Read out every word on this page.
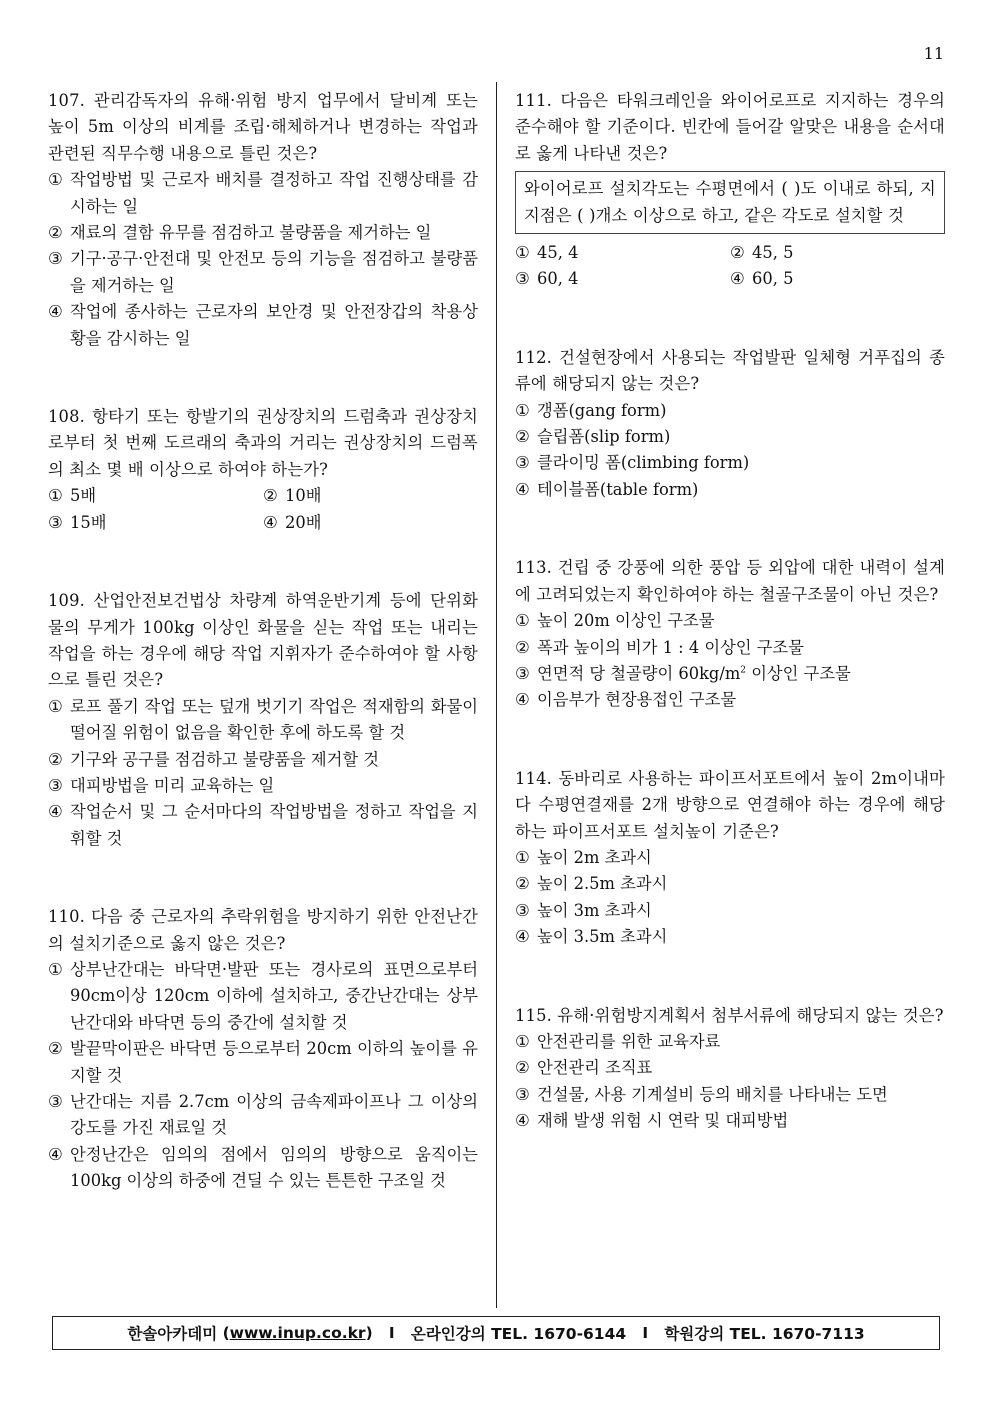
11
107. 관리감독자의 유해·위험 방지 업무에서 달비계 또는 높이 5m 이상의 비계를 조립·해체하거나 변경하는 작업과 관련된 직무수행 내용으로 틀린 것은?
① 작업방법 및 근로자 배치를 결정하고 작업 진행상태를 감시하는 일
② 재료의 결함 유무를 점검하고 불량품을 제거하는 일
③ 기구·공구·안전대 및 안전모 등의 기능을 점검하고 불량품을 제거하는 일
④ 작업에 종사하는 근로자의 보안경 및 안전장갑의 착용상황을 감시하는 일
108. 항타기 또는 항발기의 권상장치의 드럼축과 권상장치로부터 첫 번째 도르래의 축과의 거리는 권상장치의 드럼폭의 최소 몇 배 이상으로 하여야 하는가?
① 5배	② 10배
③ 15배	④ 20배
109. 산업안전보건법상 차량계 하역운반기계 등에 단위화물의 무게가 100kg 이상인 화물을 싣는 작업 또는 내리는 작업을 하는 경우에 해당 작업 지휘자가 준수하여야 할 사항으로 틀린 것은?
① 로프 풀기 작업 또는 덮개 벗기기 작업은 적재함의 화물이 떨어질 위험이 없음을 확인한 후에 하도록 할 것
② 기구와 공구를 점검하고 불량품을 제거할 것
③ 대피방법을 미리 교육하는 일
④ 작업순서 및 그 순서마다의 작업방법을 정하고 작업을 지휘할 것
110. 다음 중 근로자의 추락위험을 방지하기 위한 안전난간의 설치기준으로 옳지 않은 것은?
① 상부난간대는 바닥면·발판 또는 경사로의 표면으로부터 90cm이상 120cm 이하에 설치하고, 중간난간대는 상부난간대와 바닥면 등의 중간에 설치할 것
② 발끝막이판은 바닥면 등으로부터 20cm 이하의 높이를 유지할 것
③ 난간대는 지름 2.7cm 이상의 금속제파이프나 그 이상의 강도를 가진 재료일 것
④ 안정난간은 임의의 점에서 임의의 방향으로 움직이는 100kg 이상의 하중에 견딜 수 있는 튼튼한 구조일 것
111. 다음은 타워크레인을 와이어로프로 지지하는 경우의 준수해야 할 기준이다. 빈칸에 들어갈 알맞은 내용을 순서대로 옳게 나타낸 것은?
와이어로프 설치각도는 수평면에서 ( )도 이내로 하되, 지지점은 ( )개소 이상으로 하고, 같은 각도로 설치할 것
① 45, 4	② 45, 5
③ 60, 4	④ 60, 5
112. 건설현장에서 사용되는 작업발판 일체형 거푸집의 종류에 해당되지 않는 것은?
① 갱폼(gang form)
② 슬립폼(slip form)
③ 클라이밍 폼(climbing form)
④ 테이블폼(table form)
113. 건립 중 강풍에 의한 풍압 등 외압에 대한 내력이 설계에 고려되었는지 확인하여야 하는 철골구조물이 아닌 것은?
① 높이 20m 이상인 구조물
② 폭과 높이의 비가 1 : 4 이상인 구조물
③ 연면적 당 철골량이 $60kg/m^2$ 이상인 구조물
④ 이음부가 현장용접인 구조물
114. 동바리로 사용하는 파이프서포트에서 높이 2m이내마다 수평연결재를 2개 방향으로 연결해야 하는 경우에 해당하는 파이프서포트 설치높이 기준은?
① 높이 2m 초과시
② 높이 2.5m 초과시
③ 높이 3m 초과시
④ 높이 3.5m 초과시
115. 유해·위험방지계획서 첨부서류에 해당되지 않는 것은?
① 안전관리를 위한 교육자료
② 안전관리 조직표
③ 건설물, 사용 기계설비 등의 배치를 나타내는 도면
④ 재해 발생 위험 시 연락 및 대피방법
한솔아카데미 ( www.inup.co.kr ) I
온라인강의 TEL. 1670-6144
I
학원강의 TEL. 1670-7113
